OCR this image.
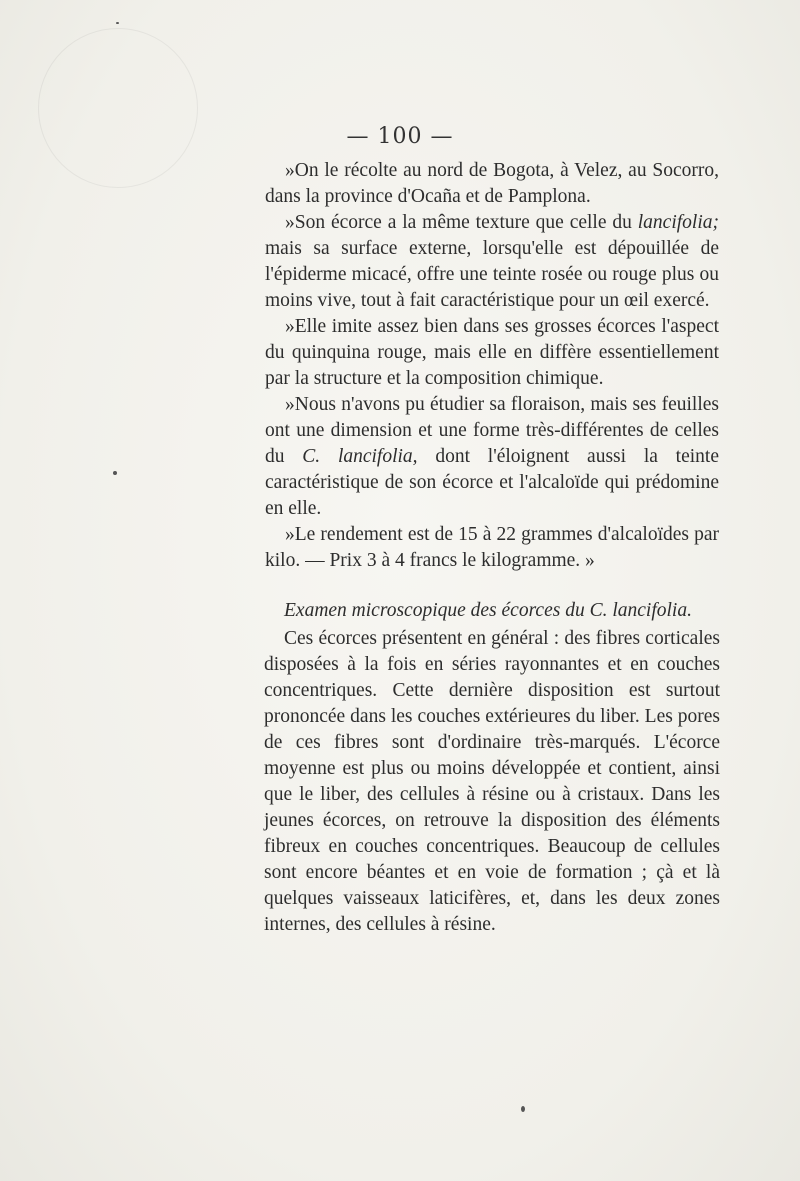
— 100 —

»On le récolte au nord de Bogota, à Velez, au Socorro, dans la province d'Ocaña et de Pamplona.

»Son écorce a la même texture que celle du lancifolia; mais sa surface externe, lorsqu'elle est dépouillée de l'épiderme micacé, offre une teinte rosée ou rouge plus ou moins vive, tout à fait caractéristique pour un œil exercé.

»Elle imite assez bien dans ses grosses écorces l'aspect du quinquina rouge, mais elle en diffère essentiellement par la structure et la composition chimique.

»Nous n'avons pu étudier sa floraison, mais ses feuilles ont une dimension et une forme très-différentes de celles du C. lancifolia, dont l'éloignent aussi la teinte caractéristique de son écorce et l'alcaloïde qui prédomine en elle.

»Le rendement est de 15 à 22 grammes d'alcaloïdes par kilo. — Prix 3 à 4 francs le kilogramme. »

Examen microscopique des écorces du C. lancifolia.

Ces écorces présentent en général : des fibres corticales disposées à la fois en séries rayonnantes et en couches concentriques. Cette dernière disposition est surtout prononcée dans les couches extérieures du liber. Les pores de ces fibres sont d'ordinaire très-marqués. L'écorce moyenne est plus ou moins développée et contient, ainsi que le liber, des cellules à résine ou à cristaux. Dans les jeunes écorces, on retrouve la disposition des éléments fibreux en couches concentriques. Beaucoup de cellules sont encore béantes et en voie de formation ; çà et là quelques vaisseaux laticifères, et, dans les deux zones internes, des cellules à résine.
